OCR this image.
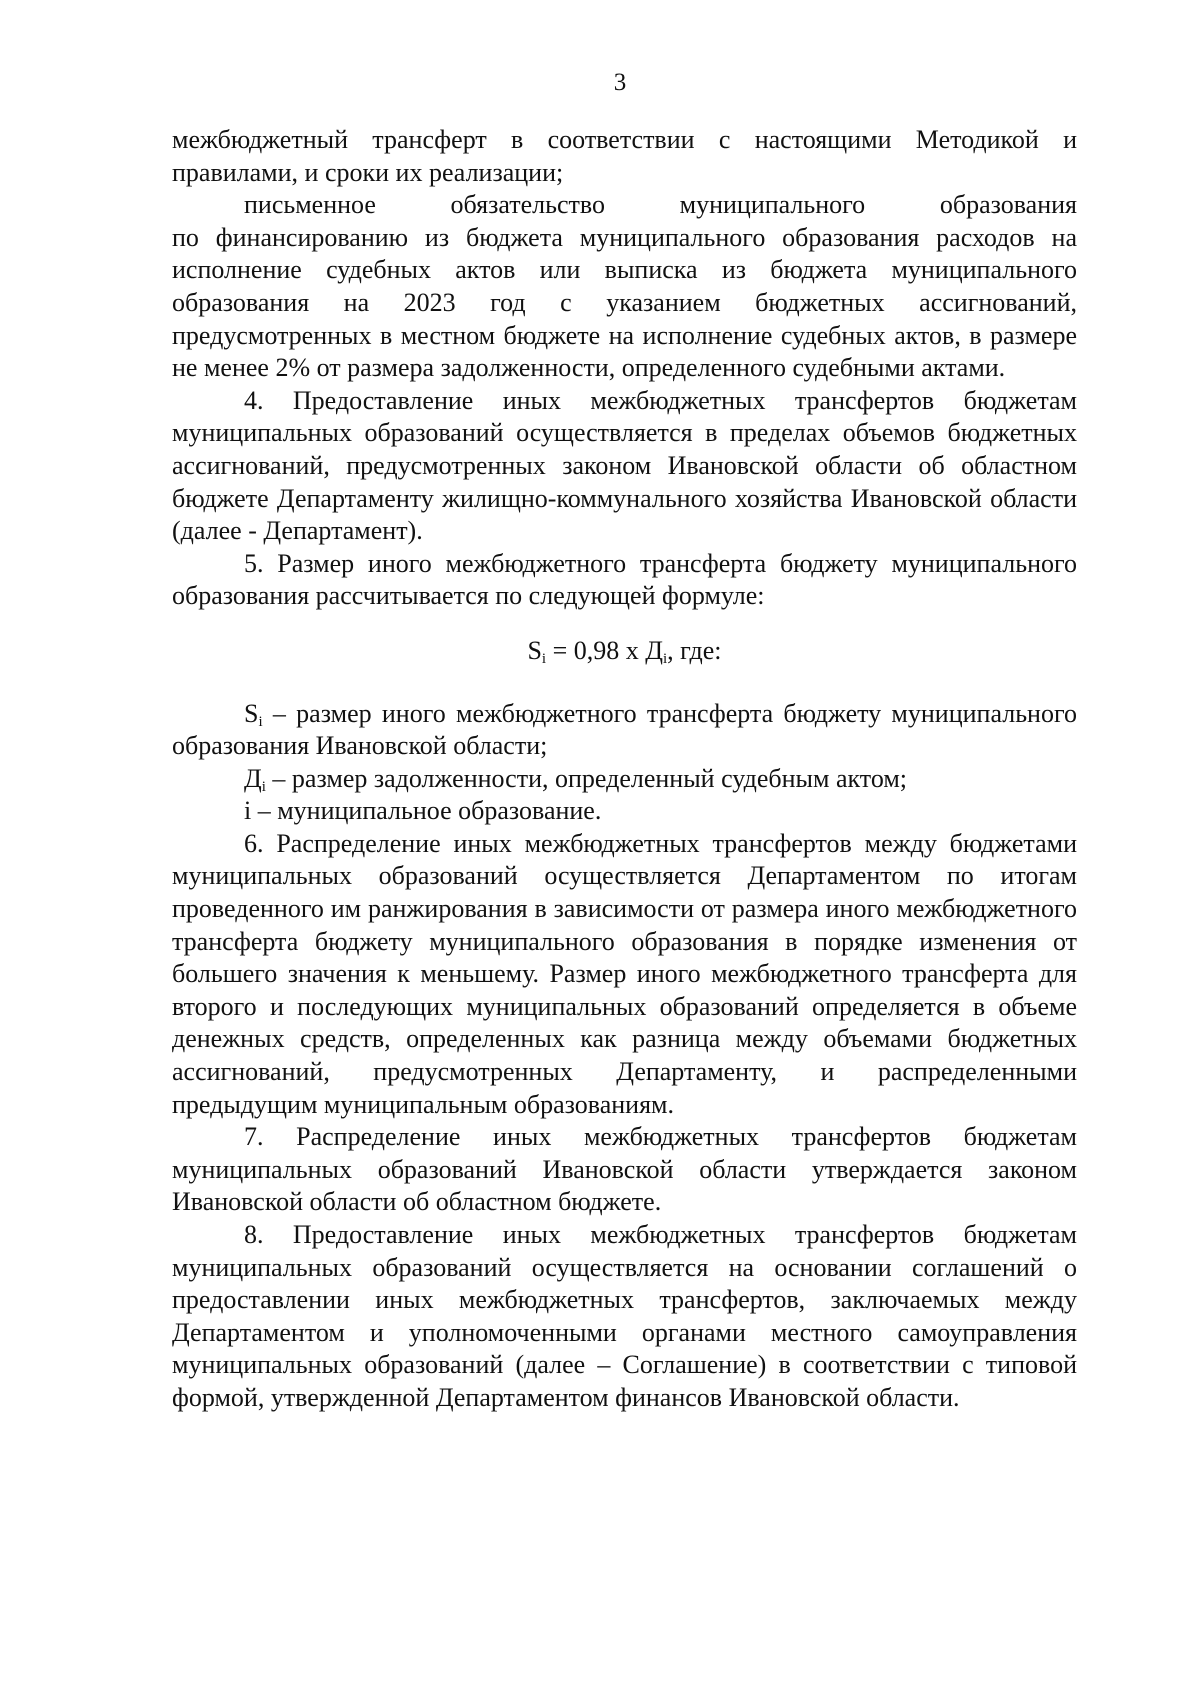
3

межбюджетный трансферт в соответствии с настоящими Методикой и

правилами, и сроки их реализации;

письменное обязательство муниципального образования

по финансированию из бюджета муниципального образования расходов на исполнение судебных актов или выписка из бюджета муниципального образования на 2023 год с указанием бюджетных ассигнований, предусмотренных в местном бюджете на исполнение судебных актов, в размере не менее 2% от размера задолженности, определенного судебными актами.

4. Предоставление иных межбюджетных трансфертов бюджетам муниципальных образований осуществляется в пределах объемов бюджетных ассигнований, предусмотренных законом Ивановской области об областном бюджете Департаменту жилищно-коммунального хозяйства Ивановской области (далее - Департамент).

5. Размер иного межбюджетного трансферта бюджету муниципального образования рассчитывается по следующей формуле:

$S_i = 0,98$ х $Д_i$, где:

$S_i$ – размер иного межбюджетного трансферта бюджету муниципального образования Ивановской области;

$Д_i$ – размер задолженности, определенный судебным актом;

i – муниципальное образование.

6. Распределение иных межбюджетных трансфертов между бюджетами муниципальных образований осуществляется Департаментом по итогам проведенного им ранжирования в зависимости от размера иного межбюджетного трансферта бюджету муниципального образования в порядке изменения от большего значения к меньшему. Размер иного межбюджетного трансферта для второго и последующих муниципальных образований определяется в объеме денежных средств, определенных как разница между объемами бюджетных ассигнований, предусмотренных Департаменту, и распределенными предыдущим муниципальным образованиям.

7. Распределение иных межбюджетных трансфертов бюджетам муниципальных образований Ивановской области утверждается законом Ивановской области об областном бюджете.

8. Предоставление иных межбюджетных трансфертов бюджетам муниципальных образований осуществляется на основании соглашений о предоставлении иных межбюджетных трансфертов, заключаемых между Департаментом и уполномоченными органами местного самоуправления муниципальных образований (далее – Соглашение) в соответствии с типовой формой, утвержденной Департаментом финансов Ивановской области.
